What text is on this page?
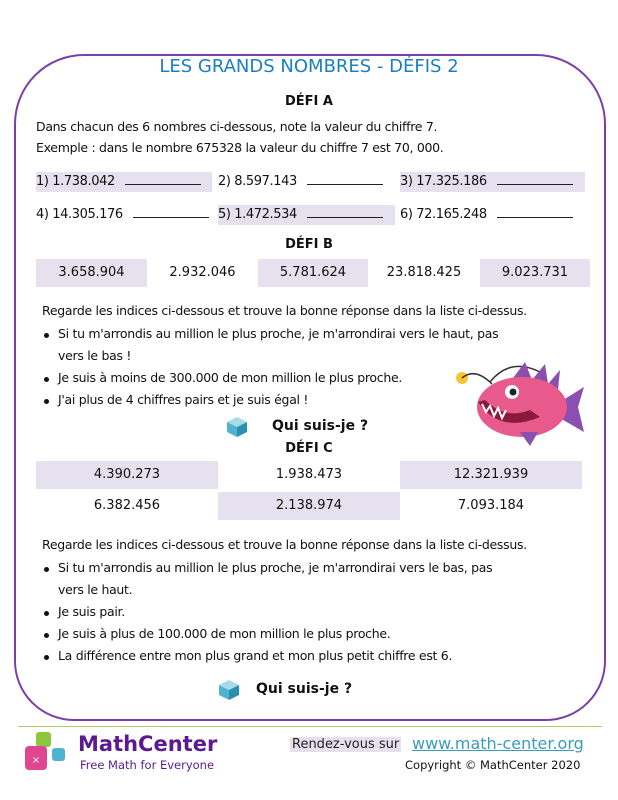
LES GRANDS NOMBRES - DÉFIS 2
DÉFI A
Dans chacun des 6 nombres ci-dessous, note la valeur du chiffre 7.
Exemple : dans le nombre 675328 la valeur du chiffre 7 est 70, 000.
1) 1.738.042	2) 8.597.143	3) 17.325.186
4) 14.305.176	5) 1.472.534	6) 72.165.248
DÉFI B
3.658.904	2.932.046	5.781.624	23.818.425	9.023.731
Regarde les indices ci-dessous et trouve la bonne réponse dans la liste ci-dessus.
Si tu m'arrondis au million le plus proche, je m'arrondirai vers le haut, pas
vers le bas !
Je suis à moins de 300.000 de mon million le plus proche.
J'ai plus de 4 chiffres pairs et je suis égal !
Qui suis-je ?
DÉFI C
4.390.273	1.938.473	12.321.939
6.382.456	2.138.974	7.093.184
Regarde les indices ci-dessous et trouve la bonne réponse dans la liste ci-dessus.
Si tu m'arrondis au million le plus proche, je m'arrondirai vers le bas, pas
vers le haut.
Je suis pair.
Je suis à plus de 100.000 de mon million le plus proche.
La différence entre mon plus grand et mon plus petit chiffre est 6.
Qui suis-je ?
×
MathCenter
Free Math for Everyone
Rendez-vous sur www.math-center.org
Copyright © MathCenter 2020
